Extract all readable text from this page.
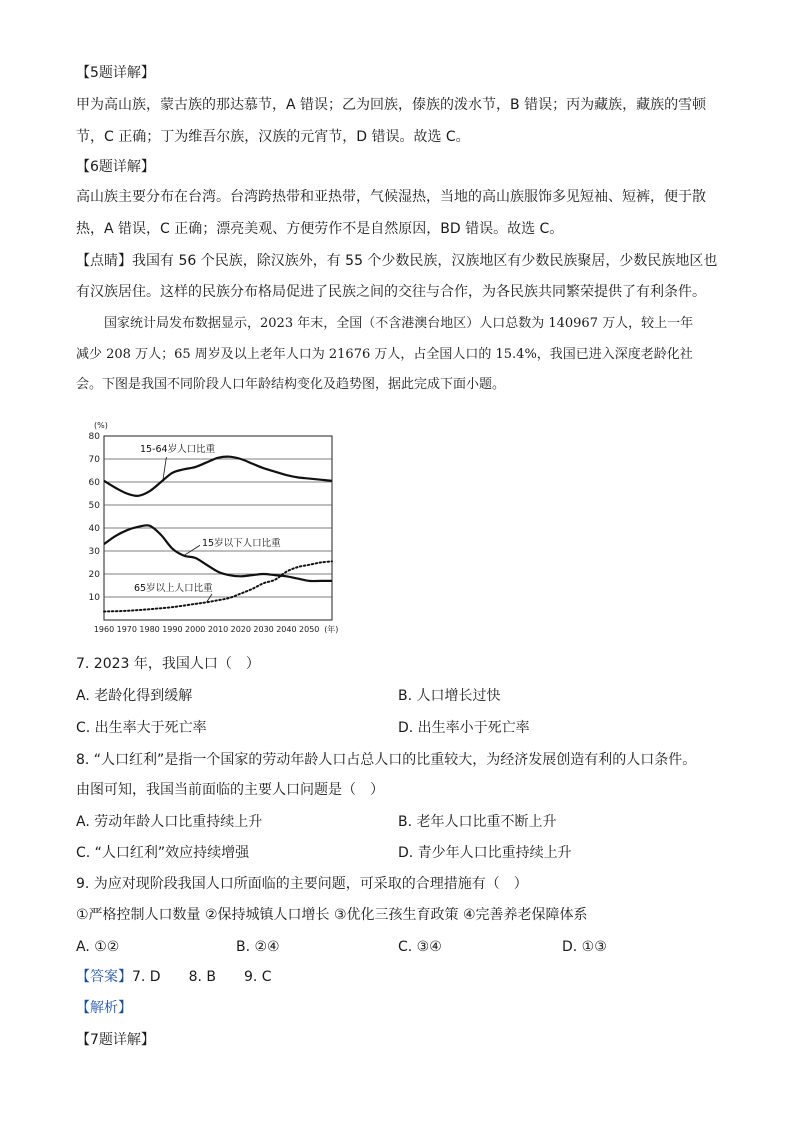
【5题详解】
甲为高山族，蒙古族的那达慕节，A 错误；乙为回族，傣族的泼水节，B 错误；丙为藏族，藏族的雪顿
节，C 正确；丁为维吾尔族，汉族的元宵节，D 错误。故选 C。
【6题详解】
高山族主要分布在台湾。台湾跨热带和亚热带，气候湿热，当地的高山族服饰多见短袖、短裤，便于散
热，A 错误，C 正确；漂亮美观、方便劳作不是自然原因，BD 错误。故选 C。
【点睛】我国有 56 个民族，除汉族外，有 55 个少数民族，汉族地区有少数民族聚居，少数民族地区也
有汉族居住。这样的民族分布格局促进了民族之间的交往与合作，为各民族共同繁荣提供了有利条件。
国家统计局发布数据显示，2023 年末，全国（不含港澳台地区）人口总数为 140967 万人，较上一年
减少 208 万人；65 周岁及以上老年人口为 21676 万人，占全国人口的 15.4%，我国已进入深度老龄化社
会。下图是我国不同阶段人口年龄结构变化及趋势图，据此完成下面小题。
10
20
30
40
50
60
70
80
(%)
1960 1970 1980 1990 2000 2010 2020 2030 2040 2050 (年)
15-64岁人口比重
15岁以下人口比重
65岁以上人口比重
7. 2023 年，我国人口（　）
A. 老龄化得到缓解	B. 人口增长过快
C. 出生率大于死亡率	D. 出生率小于死亡率
8. “人口红利”是指一个国家的劳动年龄人口占总人口的比重较大，为经济发展创造有利的人口条件。
由图可知，我国当前面临的主要人口问题是（　）
A. 劳动年龄人口比重持续上升	B. 老年人口比重不断上升
C. “人口红利”效应持续增强	D. 青少年人口比重持续上升
9. 为应对现阶段我国人口所面临的主要问题，可采取的合理措施有（　）
①严格控制人口数量 ②保持城镇人口增长 ③优化三孩生育政策 ④完善养老保障体系
A. ①②	B. ②④	C. ③④	D. ①③
【答案】7. D　　8. B　　9. C
【解析】
【7题详解】
